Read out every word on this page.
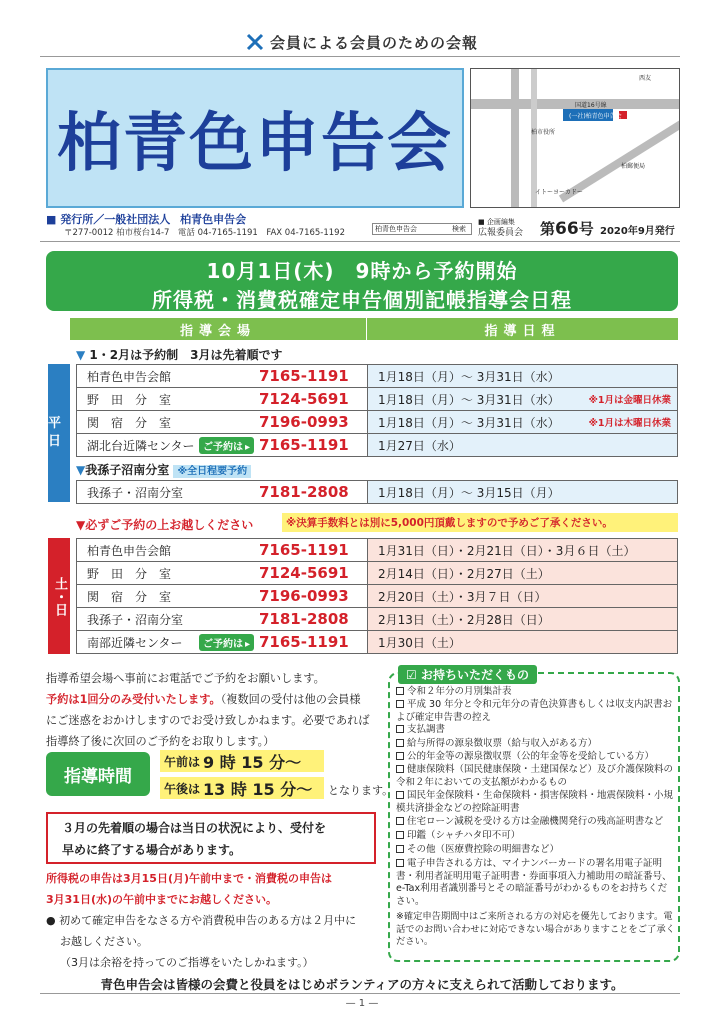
会員による会員のための会報
柏青色申告会	(一社)柏青色申告会
国道16号線
柏市役所
西友
柏郵便局
イトーヨーカドー
■ 発行所／一般社団法人 柏青色申告会
〒277-0012 柏市桜台14-7　電話 04-7165-1191　FAX 04-7165-1192	柏青色申告会　　　　　検索
■ 企画編集
広報委員会 第66号 2020年9月発行
10月1日(木)　9時から予約開始
所得税・消費税確定申告個別記帳指導会日程
指導会場	指導日程
▼ 1・2月は予約制　3月は先着順です
平日
柏青色申告会館	7165-1191	1月18日（月）～ 3月31日（水）
野　田　分　室	7124-5691 1月18日（月）～ 3月31日（水）	※1月は金曜日休業
関　宿　分　室	7196-0993 1月18日（月）～ 3月31日（水）	※1月は木曜日休業
湖北台近隣センター ご予約は ▸	7165-1191	1月27日（水）
▼我孫子沼南分室 ※全日程要予約
我孫子・沼南分室	7181-2808	1月18日（月）～ 3月15日（月）
▼必ずご予約の上お越しください	※決算手数料とは別に5,000円頂戴しますので予めご了承ください。
土・日
柏青色申告会館	7165-1191	1月31日（日）・2月21日（日）・3月６日（土）
野　田　分　室	7124-5691	2月14日（日）・2月27日（土）
関　宿　分　室	7196-0993	2月20日（土）・3月７日（日）
我孫子・沼南分室	7181-2808	2月13日（土）・2月28日（日）
南部近隣センター	ご予約は ▸	7165-1191	1月30日（土）
指導希望会場へ事前にお電話でご予約をお願いします。
予約は1回分のみ受付いたします。（複数回の受付は他の会員様
にご迷惑をおかけしますのでお受け致しかねます。必要であれば
指導終了後に次回のご予約をお取りします。）
指導時間
午前は 9 時 15 分～
午後は 13 時 15 分～ となります。
３月の先着順の場合は当日の状況により、受付を
早めに終了する場合があります。
所得税の申告は3月15日(月)午前中まで・消費税の申告は
3月31日(水)の午前中までにお越しください。
● 初めて確定申告をなさる方や消費税申告のある方は２月中に
お越しください。
（3月は余裕を持ってのご指導をいたしかねます。）
☑ お持ちいただくもの
令和２年分の月別集計表
平成 30 年分と令和元年分の青色決算書もしくは収支内訳書および確定申告書の控え
支払調書
給与所得の源泉徴収票（給与収入がある方）
公的年金等の源泉徴収票（公的年金等を受給している方）
健康保険料（国民健康保険・土建国保など）及び介護保険料の令和２年においての支払額がわかるもの
国民年金保険料・生命保険料・損害保険料・地震保険料・小規模共済掛金などの控除証明書
住宅ローン減税を受ける方は金融機関発行の残高証明書など
印鑑（シャチハタ印不可）
その他（医療費控除の明細書など）
電子申告される方は、マイナンバーカードの署名用電子証明書・利用者証明用電子証明書・券面事項入力補助用の暗証番号、e-Tax利用者識別番号とその暗証番号がわかるものをお持ちください。
※確定申告期間中はご来所される方の対応を優先しております。電話でのお問い合わせに対応できない場合がありますことをご了承ください。
青色申告会は皆様の会費と役員をはじめボランティアの方々に支えられて活動しております。
— 1 —
